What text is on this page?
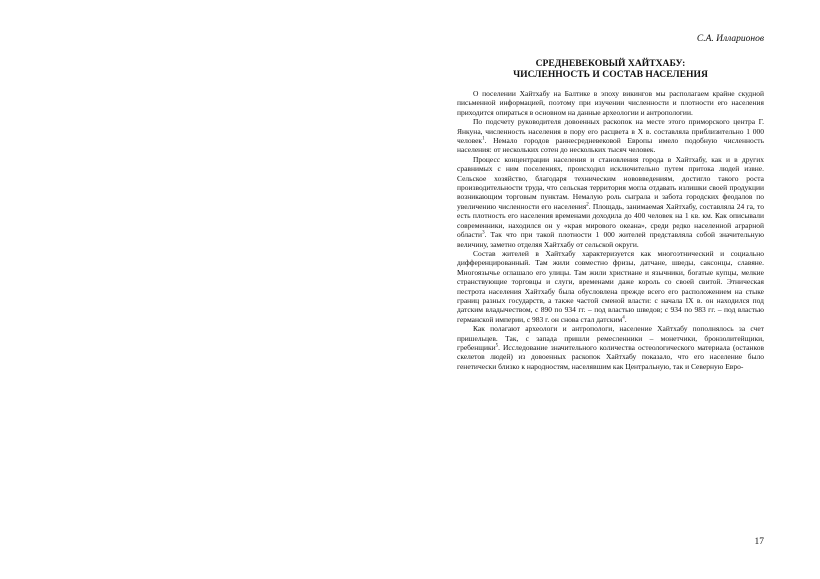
С.А. Илларионов
СРЕДНЕВЕКОВЫЙ ХАЙТХАБУ:
ЧИСЛЕННОСТЬ И СОСТАВ НАСЕЛЕНИЯ

О поселении Хайтхабу на Балтике в эпоху викингов мы располагаем крайне скудной письменной информацией, поэтому при изучении численности и плотности его населения приходится опираться в основном на данные археологии и антропологии.

По подсчету руководителя довоенных раскопок на месте этого приморского центра Г. Янкуна, численность населения в пору его расцвета в X в. составляла приблизительно 1 000 человек$^1$. Немало городов раннесредневековой Европы имело подобную численность населения: от нескольких сотен до нескольких тысяч человек.

Процесс концентрации населения и становления города в Хайтхабу, как и в других сравнимых с ним поселениях, происходил исключительно путем притока людей извне. Сельское хозяйство, благодаря техническим нововведениям, достигло такого роста производительности труда, что сельская территория могла отдавать излишки своей продукции возникающим торговым пунктам. Немалую роль сыграла и забота городских феодалов по увеличению численности его населения$^2$. Площадь, занимаемая Хайтхабу, составляла 24 га, то есть плотность его населения временами доходила до 400 человек на 1 кв. км. Как описывали современники, находился он у «края мирового океана», среди редко населенной аграрной области$^3$. Так что при такой плотности 1 000 жителей представляла собой значительную величину, заметно отделяя Хайтхабу от сельской округи.

Состав жителей в Хайтхабу характеризуется как многоэтнический и социально дифференцированный. Там жили совместно фризы, датчане, шведы, саксонцы, славяне. Многоязычье оглашало его улицы. Там жили христиане и язычники, богатые купцы, мелкие странствующие торговцы и слуги, временами даже король со своей свитой. Этническая пестрота населения Хайтхабу была обусловлена прежде всего его расположением на стыке границ разных государств, а также частой сменой власти: с начала IX в. он находился под датским владычеством, с 890 по 934 гг. – под властью шведов; с 934 по 983 гг. – под властью германской империи, с 983 г. он снова стал датским$^4$.

Как полагают археологи и антропологи, население Хайтхабу пополнялось за счет пришельцев. Так, с запада пришли ремесленники – монетчики, бронзолитейщики, гребенщики$^5$. Исследование значительного количества остеологического материала (останков скелетов людей) из довоенных раскопок Хайтхабу показало, что его население было генетически близко к народностям, населявшим как Центральную, так и Северную Евро-

17
